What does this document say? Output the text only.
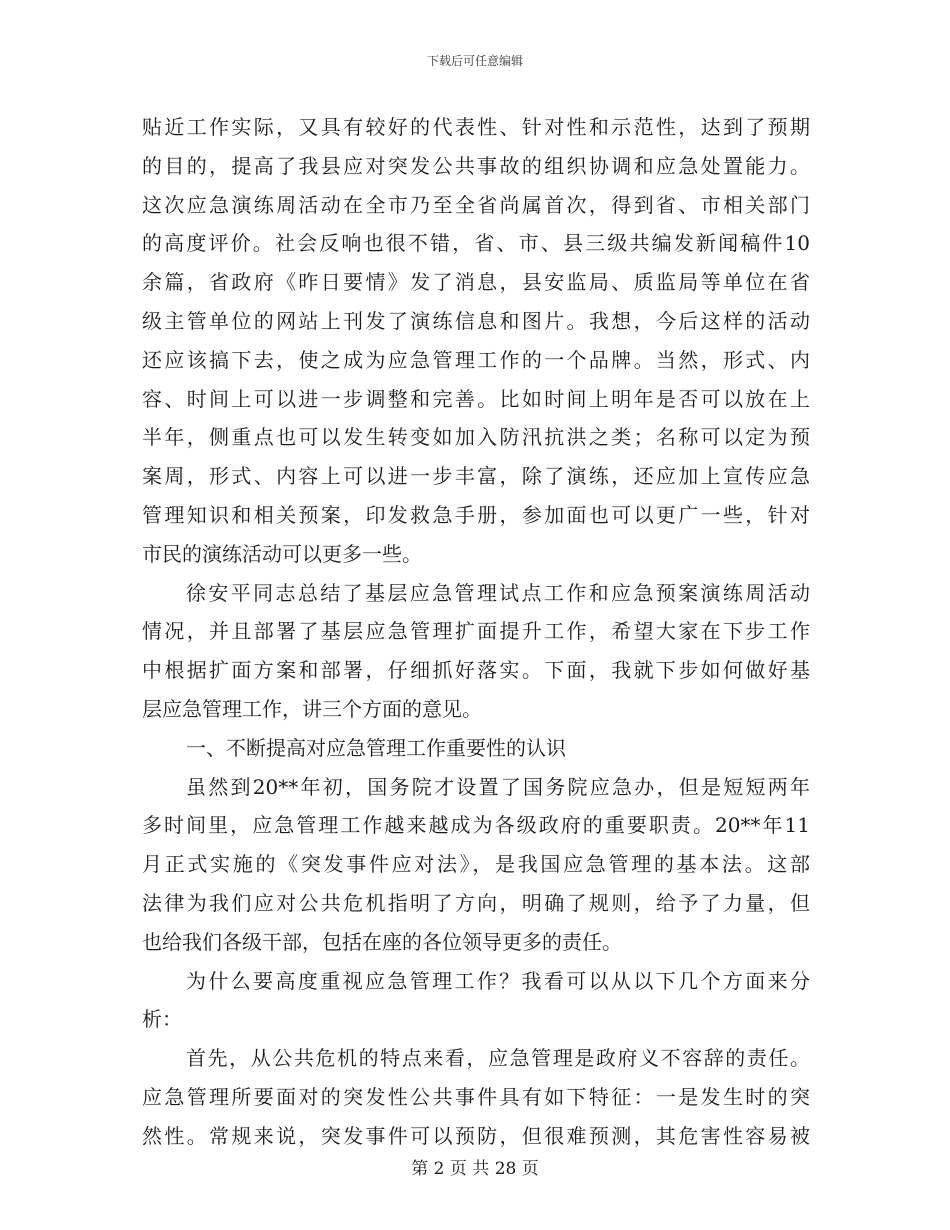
下载后可任意编辑
贴近工作实际，又具有较好的代表性、针对性和示范性，达到了预期
的目的，提高了我县应对突发公共事故的组织协调和应急处置能力。
这次应急演练周活动在全市乃至全省尚属首次，得到省、市相关部门
的高度评价。社会反响也很不错，省、市、县三级共编发新闻稿件10
余篇，省政府《昨日要情》发了消息，县安监局、质监局等单位在省
级主管单位的网站上刊发了演练信息和图片。我想，今后这样的活动
还应该搞下去，使之成为应急管理工作的一个品牌。当然，形式、内
容、时间上可以进一步调整和完善。比如时间上明年是否可以放在上
半年，侧重点也可以发生转变如加入防汛抗洪之类；名称可以定为预
案周，形式、内容上可以进一步丰富，除了演练，还应加上宣传应急
管理知识和相关预案，印发救急手册，参加面也可以更广一些，针对
市民的演练活动可以更多一些。
徐安平同志总结了基层应急管理试点工作和应急预案演练周活动
情况，并且部署了基层应急管理扩面提升工作，希望大家在下步工作
中根据扩面方案和部署，仔细抓好落实。下面，我就下步如何做好基
层应急管理工作，讲三个方面的意见。
一、不断提高对应急管理工作重要性的认识
虽然到20**年初，国务院才设置了国务院应急办，但是短短两年
多时间里，应急管理工作越来越成为各级政府的重要职责。20**年11
月正式实施的《突发事件应对法》，是我国应急管理的基本法。这部
法律为我们应对公共危机指明了方向，明确了规则，给予了力量，但
也给我们各级干部，包括在座的各位领导更多的责任。
为什么要高度重视应急管理工作？我看可以从以下几个方面来分
析：
首先，从公共危机的特点来看，应急管理是政府义不容辞的责任。
应急管理所要面对的突发性公共事件具有如下特征：一是发生时的突
然性。常规来说，突发事件可以预防，但很难预测，其危害性容易被
第 2 页 共 28 页
